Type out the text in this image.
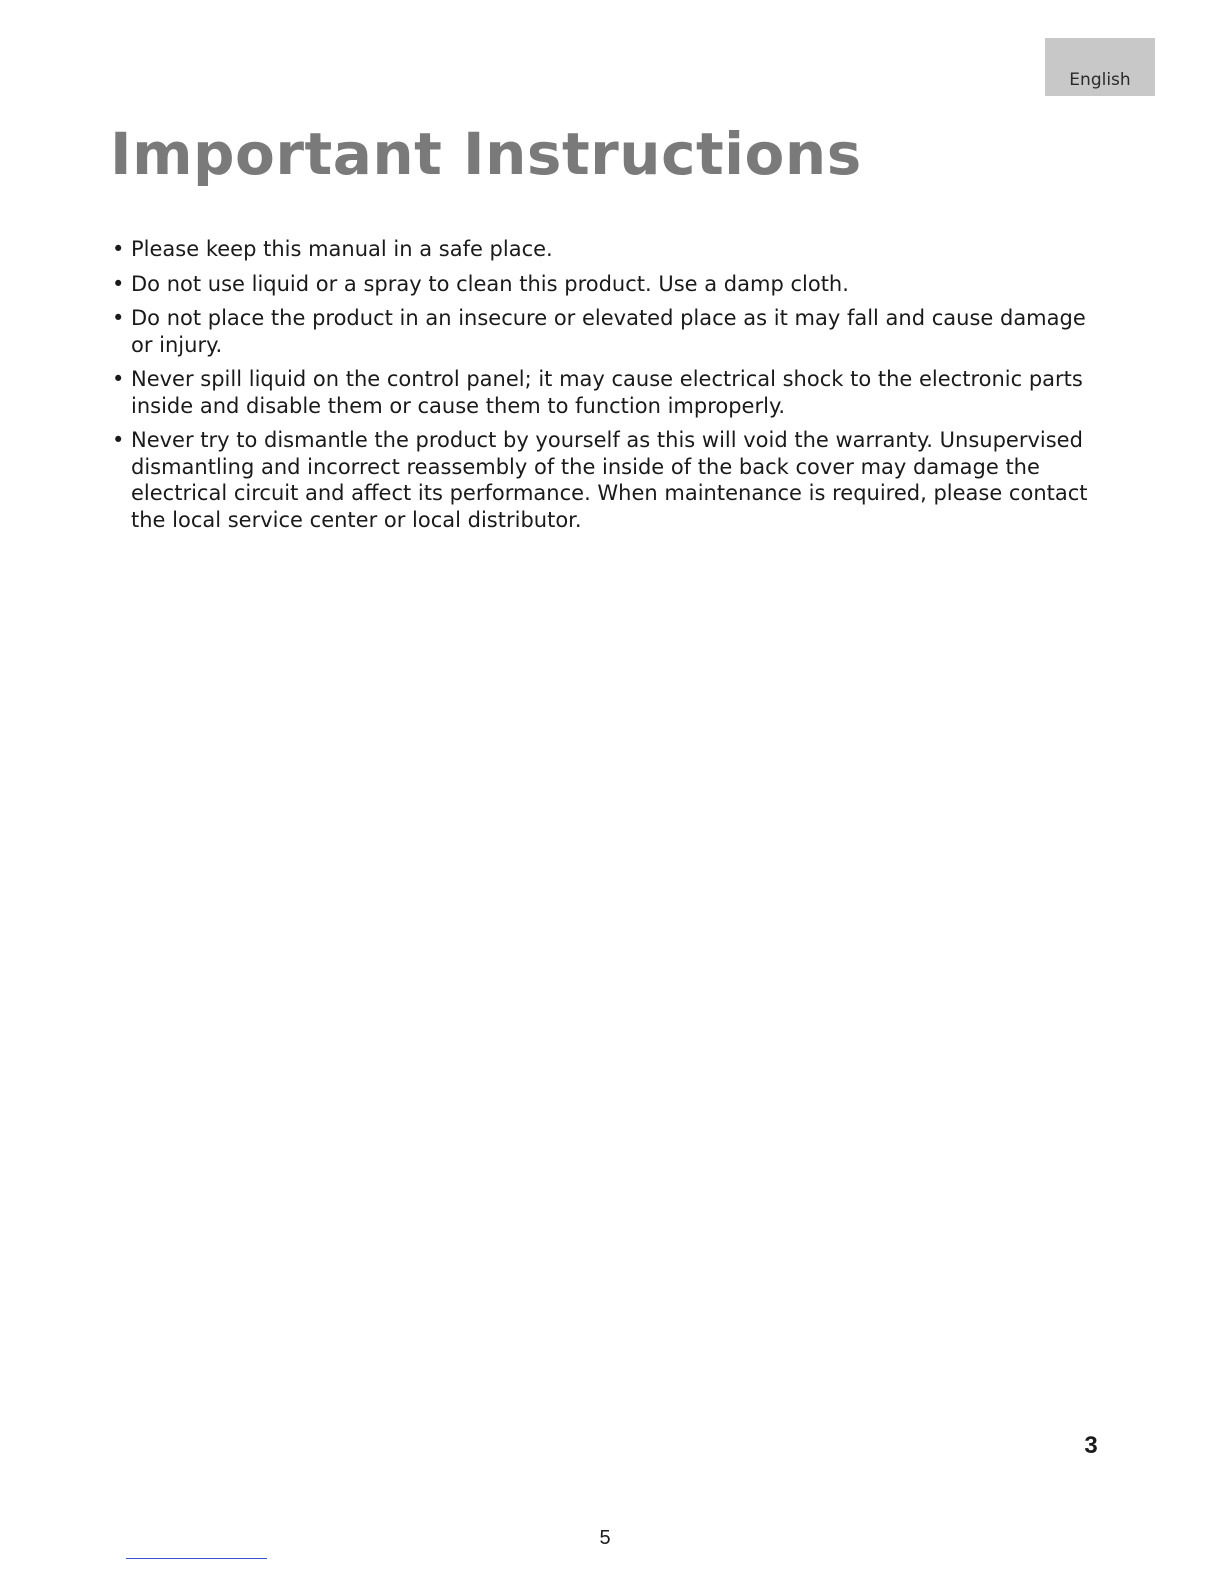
English
Important Instructions
• Please keep this manual in a safe place.
• Do not use liquid or a spray to clean this product. Use a damp cloth.
• Do not place the product in an insecure or elevated place as it may fall and cause damage or injury.
• Never spill liquid on the control panel; it may cause electrical shock to the electronic parts inside and disable them or cause them to function improperly.
• Never try to dismantle the product by yourself as this will void the warranty. Unsupervised dismantling and incorrect reassembly of the inside of the back cover may damage the electrical circuit and affect its performance. When maintenance is required, please contact the local service center or local distributor.
3
5
